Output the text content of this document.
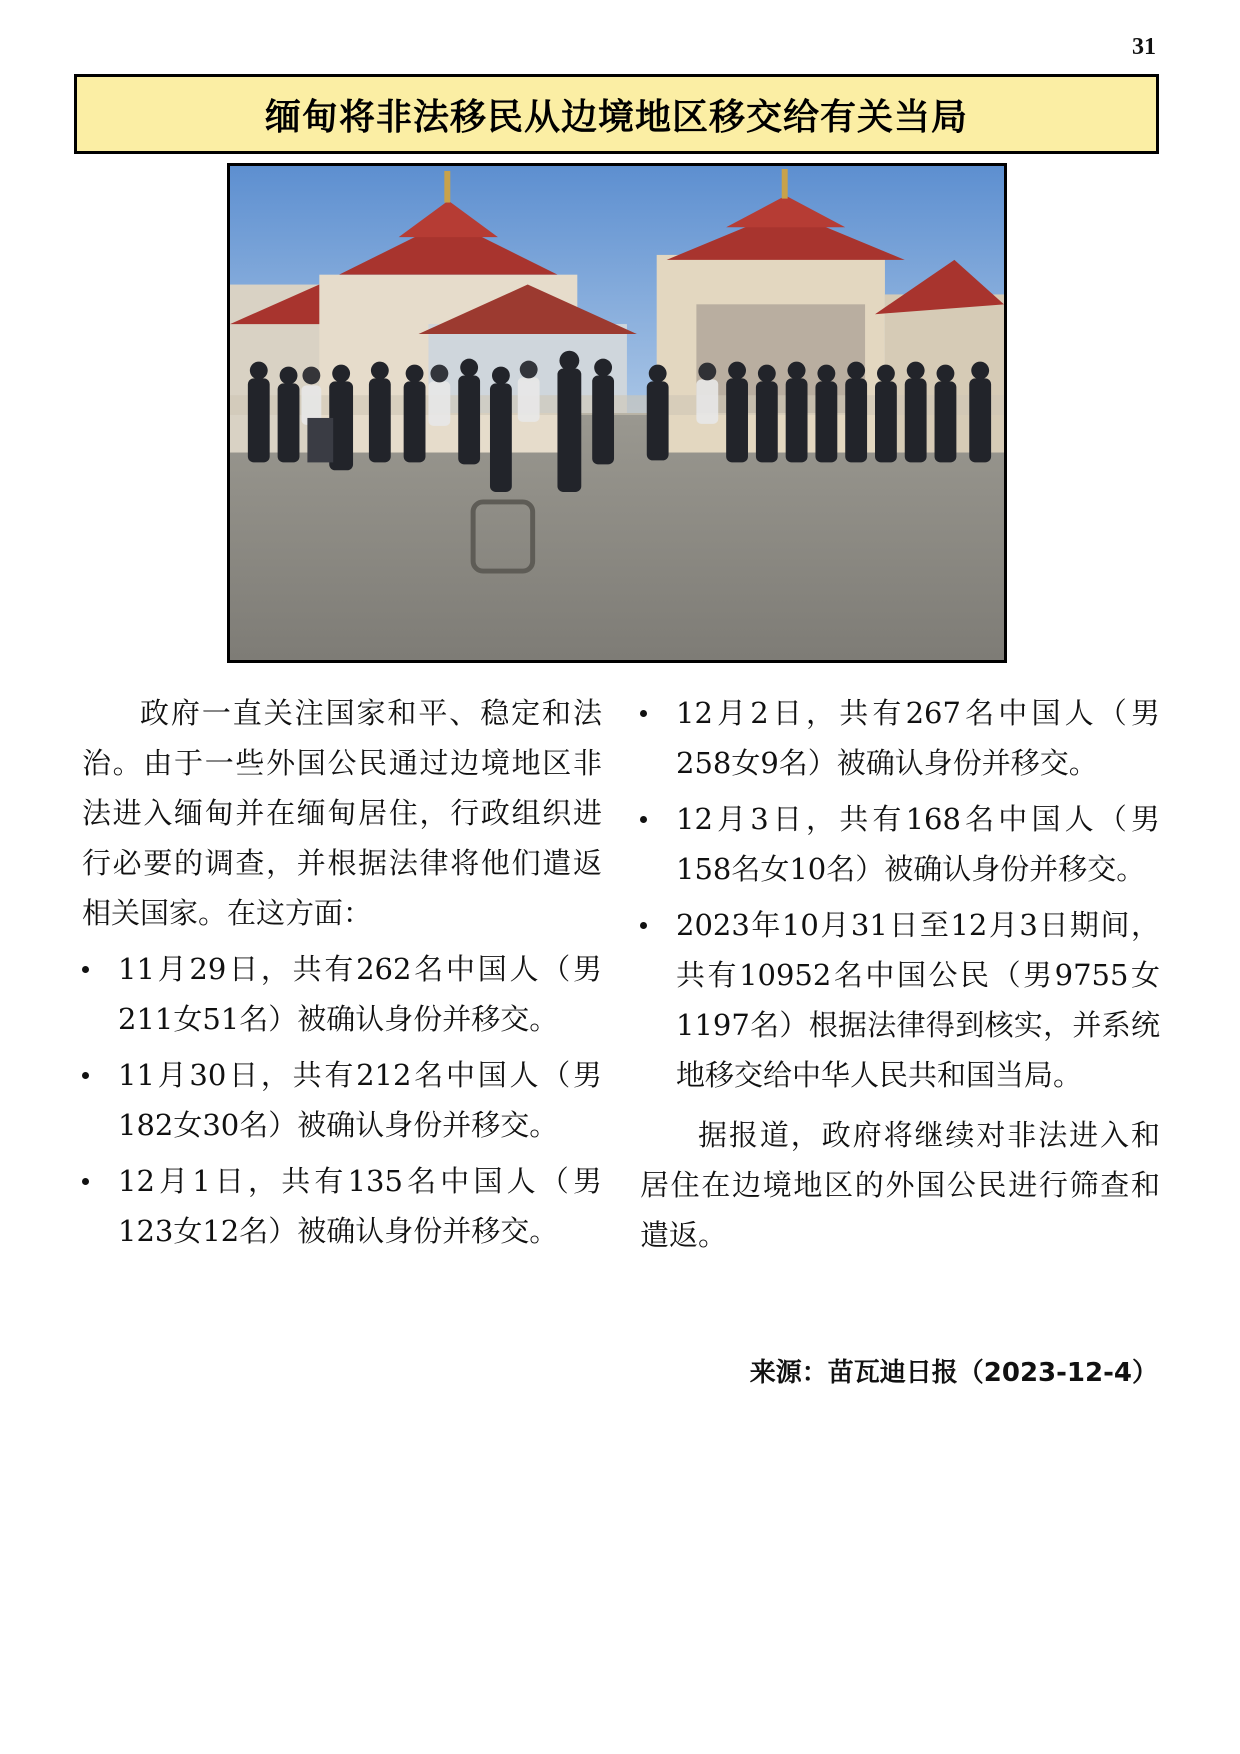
31
缅甸将非法移民从边境地区移交给有关当局

政府一直关注国家和平、稳定和法治。由于一些外国公民通过边境地区非法进入缅甸并在缅甸居住，行政组织进行必要的调查，并根据法律将他们遣返相关国家。在这方面：

11月29日，共有262名中国人（男211女51名）被确认身份并移交。
11月30日，共有212名中国人（男182女30名）被确认身份并移交。
12月1日，共有135名中国人（男123女12名）被确认身份并移交。
12月2日，共有267名中国人（男258女9名）被确认身份并移交。
12月3日，共有168名中国人（男158名女10名）被确认身份并移交。
2023年10月31日至12月3日期间，共有10952名中国公民（男9755女1197名）根据法律得到核实，并系统地移交给中华人民共和国当局。

据报道，政府将继续对非法进入和居住在边境地区的外国公民进行筛查和遣返。

来源：苗瓦迪日报（2023-12-4）
